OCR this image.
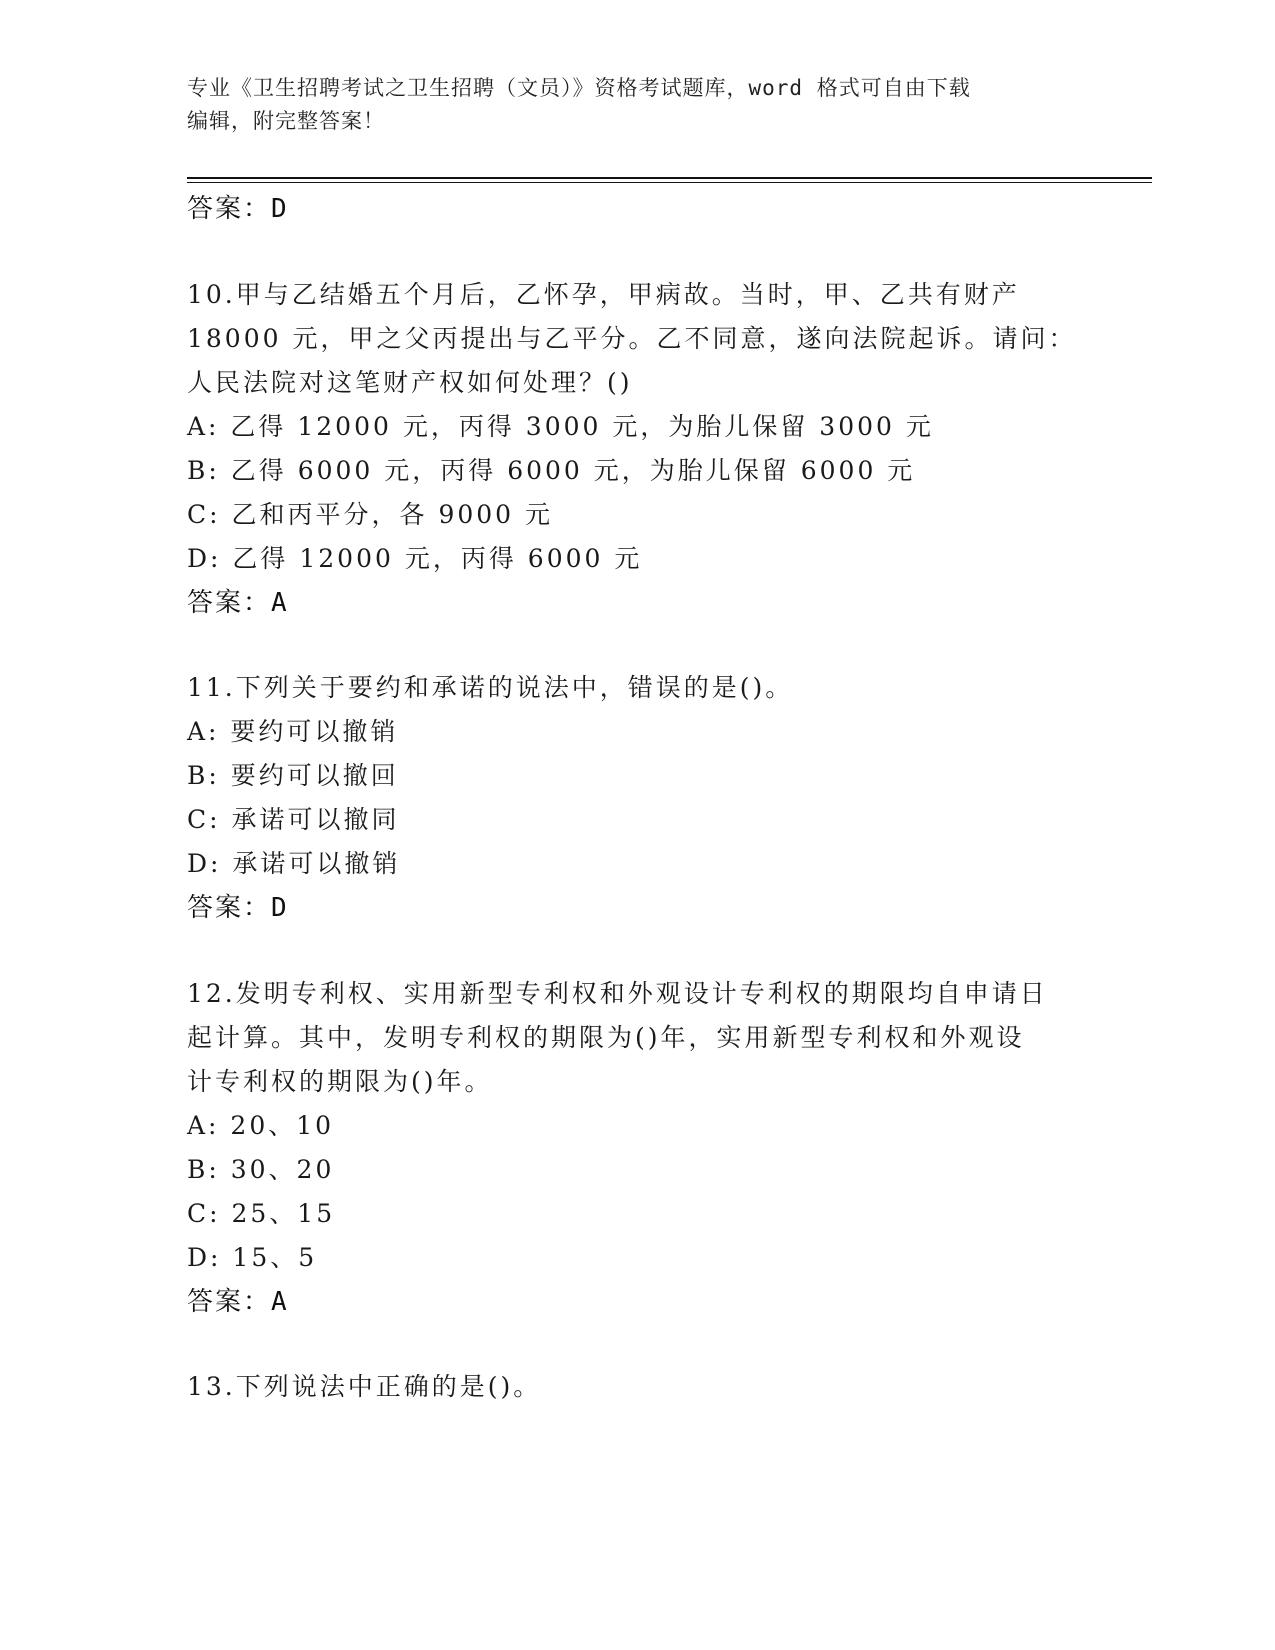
专业《卫生招聘考试之卫生招聘（文员）》资格考试题库，word 格式可自由下载
编辑，附完整答案！
答案：D
10.甲与乙结婚五个月后，乙怀孕，甲病故。当时，甲、乙共有财产
18000 元，甲之父丙提出与乙平分。乙不同意，遂向法院起诉。请问：
人民法院对这笔财产权如何处理？()
A: 乙得 12000 元，丙得 3000 元，为胎儿保留 3000 元
B: 乙得 6000 元，丙得 6000 元，为胎儿保留 6000 元
C: 乙和丙平分，各 9000 元
D: 乙得 12000 元，丙得 6000 元
答案：A
11.下列关于要约和承诺的说法中，错误的是()。
A: 要约可以撤销
B: 要约可以撤回
C: 承诺可以撤同
D: 承诺可以撤销
答案：D
12.发明专利权、实用新型专利权和外观设计专利权的期限均自申请日
起计算。其中，发明专利权的期限为()年，实用新型专利权和外观设
计专利权的期限为()年。
A: 20、10
B: 30、20
C: 25、15
D: 15、5
答案：A
13.下列说法中正确的是()。
